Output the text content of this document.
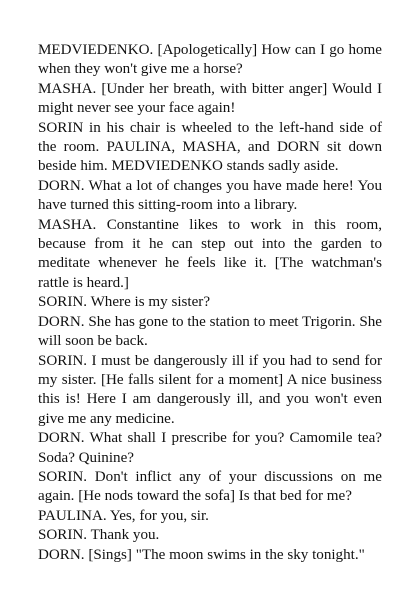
MEDVIEDENKO. [Apologetically] How can I go home when they won't give me a horse?

MASHA. [Under her breath, with bitter anger] Would I might never see your face again!

SORIN in his chair is wheeled to the left-hand side of the room. PAULINA, MASHA, and DORN sit down beside him. MEDVIEDENKO stands sadly aside.

DORN. What a lot of changes you have made here! You have turned this sitting-room into a library.

MASHA. Constantine likes to work in this room, because from it he can step out into the garden to meditate whenever he feels like it. [The watchman's rattle is heard.]

SORIN. Where is my sister?

DORN. She has gone to the station to meet Trigorin. She will soon be back.

SORIN. I must be dangerously ill if you had to send for my sister. [He falls silent for a moment] A nice business this is! Here I am dangerously ill, and you won't even give me any medicine.

DORN. What shall I prescribe for you? Camomile tea? Soda? Quinine?

SORIN. Don't inflict any of your discussions on me again. [He nods toward the sofa] Is that bed for me?

PAULINA. Yes, for you, sir.

SORIN. Thank you.

DORN. [Sings] "The moon swims in the sky tonight."
